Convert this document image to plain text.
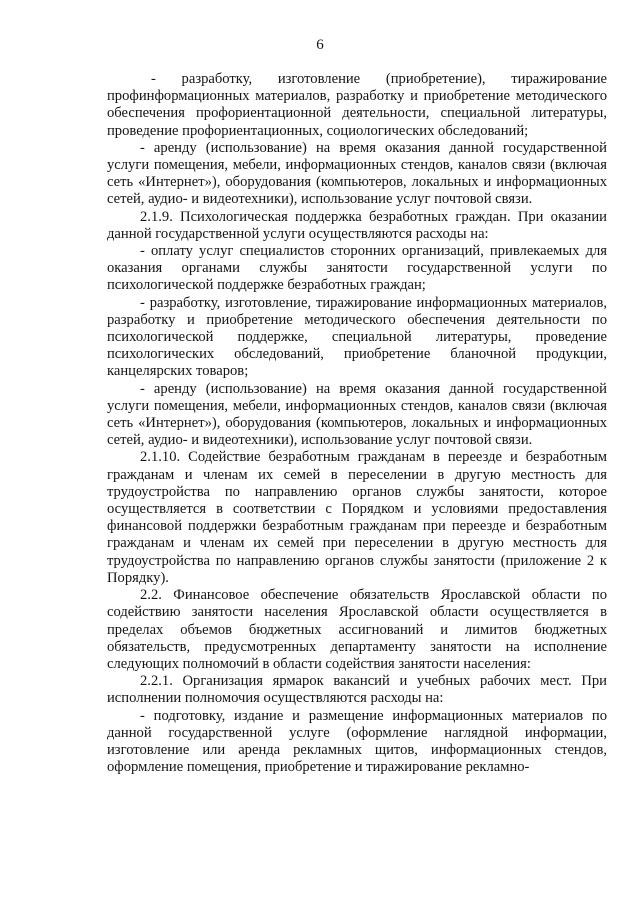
6

- разработку, изготовление (приобретение), тиражирование профинформационных материалов, разработку и приобретение методического обеспечения профориентационной деятельности, специальной литературы, проведение профориентационных, социологических обследований;

- аренду (использование) на время оказания данной государственной услуги помещения, мебели, информационных стендов, каналов связи (включая сеть «Интернет»), оборудования (компьютеров, локальных и информационных сетей, аудио- и видеотехники), использование услуг почтовой связи.

2.1.9. Психологическая поддержка безработных граждан. При оказании данной государственной услуги осуществляются расходы на:

- оплату услуг специалистов сторонних организаций, привлекаемых для оказания органами службы занятости государственной услуги по психологической поддержке безработных граждан;

- разработку, изготовление, тиражирование информационных материалов, разработку и приобретение методического обеспечения деятельности по психологической поддержке, специальной литературы, проведение психологических обследований, приобретение бланочной продукции, канцелярских товаров;

- аренду (использование) на время оказания данной государственной услуги помещения, мебели, информационных стендов, каналов связи (включая сеть «Интернет»), оборудования (компьютеров, локальных и информационных сетей, аудио- и видеотехники), использование услуг почтовой связи.

2.1.10. Содействие безработным гражданам в переезде и безработным гражданам и членам их семей в переселении в другую местность для трудоустройства по направлению органов службы занятости, которое осуществляется в соответствии с Порядком и условиями предоставления финансовой поддержки безработным гражданам при переезде и безработным гражданам и членам их семей при переселении в другую местность для трудоустройства по направлению органов службы занятости (приложение 2 к Порядку).

2.2. Финансовое обеспечение обязательств Ярославской области по содействию занятости населения Ярославской области осуществляется в пределах объемов бюджетных ассигнований и лимитов бюджетных обязательств, предусмотренных департаменту занятости на исполнение следующих полномочий в области содействия занятости населения:

2.2.1. Организация ярмарок вакансий и учебных рабочих мест. При исполнении полномочия осуществляются расходы на:

- подготовку, издание и размещение информационных материалов по данной государственной услуге (оформление наглядной информации, изготовление или аренда рекламных щитов, информационных стендов, оформление помещения, приобретение и тиражирование рекламно-
